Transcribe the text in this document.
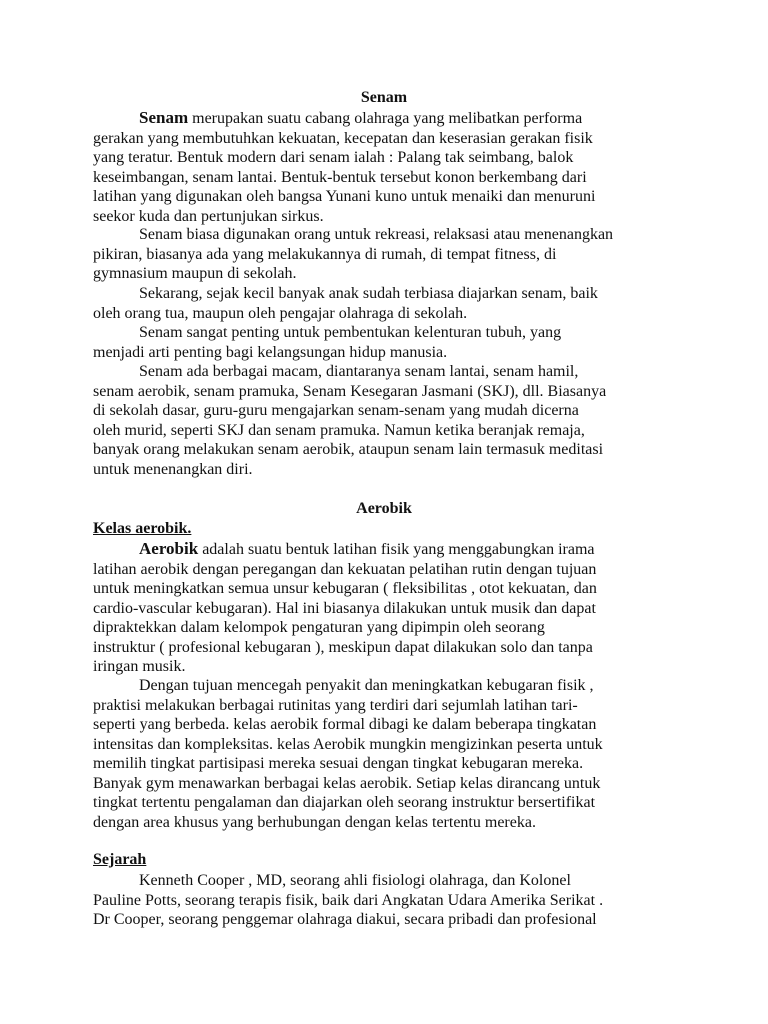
Senam
Senam merupakan suatu cabang olahraga yang melibatkan performa
gerakan yang membutuhkan kekuatan, kecepatan dan keserasian gerakan fisik
yang teratur. Bentuk modern dari senam ialah : Palang tak seimbang, balok
keseimbangan, senam lantai. Bentuk-bentuk tersebut konon berkembang dari
latihan yang digunakan oleh bangsa Yunani kuno untuk menaiki dan menuruni
seekor kuda dan pertunjukan sirkus.
Senam biasa digunakan orang untuk rekreasi, relaksasi atau menenangkan
pikiran, biasanya ada yang melakukannya di rumah, di tempat fitness, di
gymnasium maupun di sekolah.
Sekarang, sejak kecil banyak anak sudah terbiasa diajarkan senam, baik
oleh orang tua, maupun oleh pengajar olahraga di sekolah.
Senam sangat penting untuk pembentukan kelenturan tubuh, yang
menjadi arti penting bagi kelangsungan hidup manusia.
Senam ada berbagai macam, diantaranya senam lantai, senam hamil,
senam aerobik, senam pramuka, Senam Kesegaran Jasmani (SKJ), dll. Biasanya
di sekolah dasar, guru-guru mengajarkan senam-senam yang mudah dicerna
oleh murid, seperti SKJ dan senam pramuka. Namun ketika beranjak remaja,
banyak orang melakukan senam aerobik, ataupun senam lain termasuk meditasi
untuk menenangkan diri.
Aerobik
Kelas aerobik.
Aerobik adalah suatu bentuk latihan fisik yang menggabungkan irama
latihan aerobik dengan peregangan dan kekuatan pelatihan rutin dengan tujuan
untuk meningkatkan semua unsur kebugaran ( fleksibilitas , otot kekuatan, dan
cardio-vascular kebugaran). Hal ini biasanya dilakukan untuk musik dan dapat
dipraktekkan dalam kelompok pengaturan yang dipimpin oleh seorang
instruktur ( profesional kebugaran ), meskipun dapat dilakukan solo dan tanpa
iringan musik.
Dengan tujuan mencegah penyakit dan meningkatkan kebugaran fisik ,
praktisi melakukan berbagai rutinitas yang terdiri dari sejumlah latihan tari-
seperti yang berbeda. kelas aerobik formal dibagi ke dalam beberapa tingkatan
intensitas dan kompleksitas. kelas Aerobik mungkin mengizinkan peserta untuk
memilih tingkat partisipasi mereka sesuai dengan tingkat kebugaran mereka.
Banyak gym menawarkan berbagai kelas aerobik. Setiap kelas dirancang untuk
tingkat tertentu pengalaman dan diajarkan oleh seorang instruktur bersertifikat
dengan area khusus yang berhubungan dengan kelas tertentu mereka.
Sejarah
Kenneth Cooper , MD, seorang ahli fisiologi olahraga, dan Kolonel
Pauline Potts, seorang terapis fisik, baik dari Angkatan Udara Amerika Serikat .
Dr Cooper, seorang penggemar olahraga diakui, secara pribadi dan profesional
